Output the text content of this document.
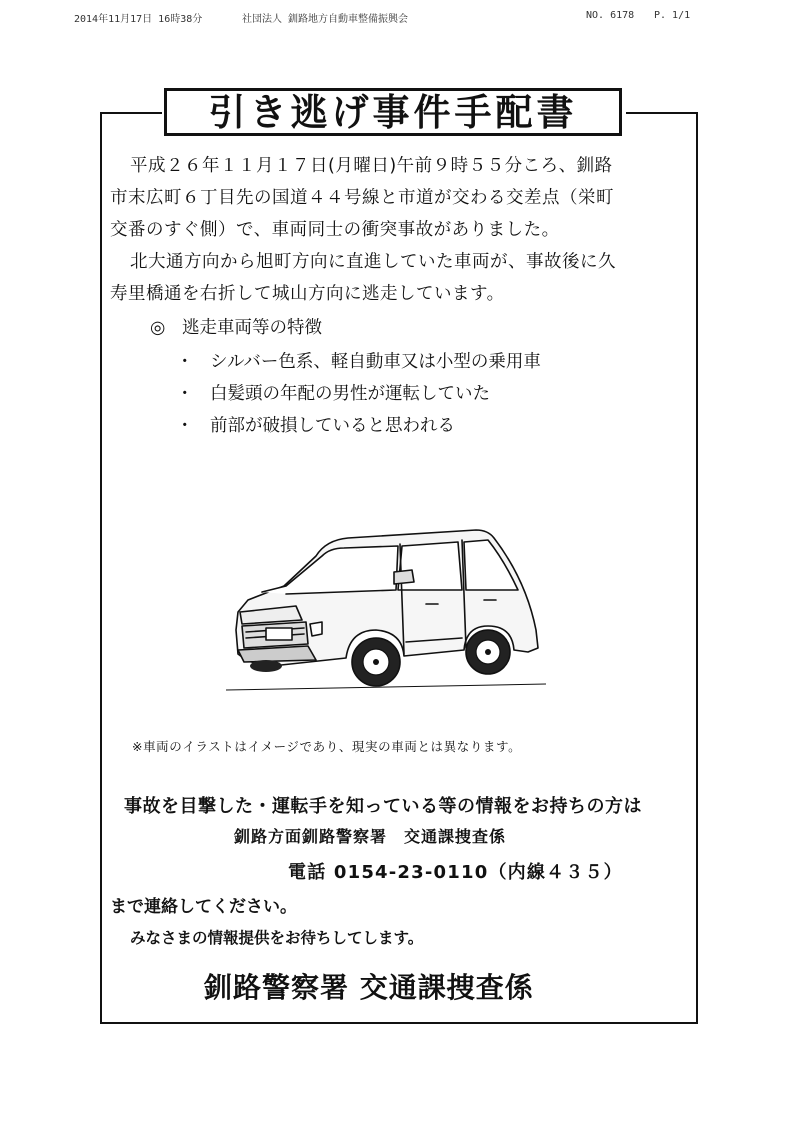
2014年11月17日 16時38分	社団法人 釧路地方自動車整備振興会	NO. 6178 P. 1/1
引き逃げ事件手配書

平成２６年１１月１７日(月曜日)午前９時５５分ころ、釧路
市末広町６丁目先の国道４４号線と市道が交わる交差点（栄町
交番のすぐ側）で、車両同士の衝突事故がありました。

北大通方向から旭町方向に直進していた車両が、事故後に久
寿里橋通を右折して城山方向に逃走しています。

◎ 逃走車両等の特徴
・ シルバー色系、軽自動車又は小型の乗用車
・ 白髪頭の年配の男性が運転していた
・ 前部が破損していると思われる
※車両のイラストはイメージであり、現実の車両とは異なります。
事故を目撃した・運転手を知っている等の情報をお持ちの方は
釧路方面釧路警察署　交通課捜査係
電話 0154-23-0110（内線４３５）
まで連絡してください。
みなさまの情報提供をお待ちしてします。
釧路警察署 交通課捜査係
